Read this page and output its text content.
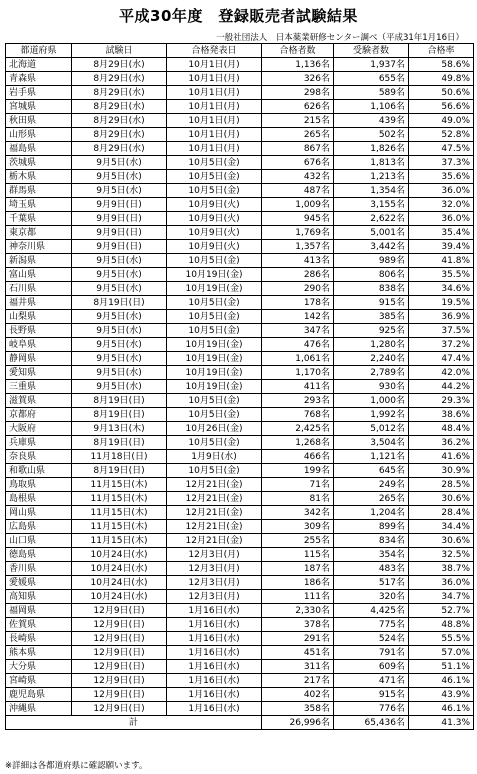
平成30年度　登録販売者試験結果
一般社団法人　日本薬業研修センター調べ（平成31年1月16日）
都道府県	試験日	合格発表日	合格者数	受験者数	合格率
北海道	8月29日(水)	10月1日(月)	1,136名	1,937名	58.6%
青森県	8月29日(水)	10月1日(月)	326名	655名	49.8%
岩手県	8月29日(水)	10月1日(月)	298名	589名	50.6%
宮城県	8月29日(水)	10月1日(月)	626名	1,106名	56.6%
秋田県	8月29日(水)	10月1日(月)	215名	439名	49.0%
山形県	8月29日(水)	10月1日(月)	265名	502名	52.8%
福島県	8月29日(水)	10月1日(月)	867名	1,826名	47.5%
茨城県	9月5日(水)	10月5日(金)	676名	1,813名	37.3%
栃木県	9月5日(水)	10月5日(金)	432名	1,213名	35.6%
群馬県	9月5日(水)	10月5日(金)	487名	1,354名	36.0%
埼玉県	9月9日(日)	10月9日(火)	1,009名	3,155名	32.0%
千葉県	9月9日(日)	10月9日(火)	945名	2,622名	36.0%
東京都	9月9日(日)	10月9日(火)	1,769名	5,001名	35.4%
神奈川県	9月9日(日)	10月9日(火)	1,357名	3,442名	39.4%
新潟県	9月5日(水)	10月5日(金)	413名	989名	41.8%
富山県	9月5日(水)	10月19日(金)	286名	806名	35.5%
石川県	9月5日(水)	10月19日(金)	290名	838名	34.6%
福井県	8月19日(日)	10月5日(金)	178名	915名	19.5%
山梨県	9月5日(水)	10月5日(金)	142名	385名	36.9%
長野県	9月5日(水)	10月5日(金)	347名	925名	37.5%
岐阜県	9月5日(水)	10月19日(金)	476名	1,280名	37.2%
静岡県	9月5日(水)	10月19日(金)	1,061名	2,240名	47.4%
愛知県	9月5日(水)	10月19日(金)	1,170名	2,789名	42.0%
三重県	9月5日(水)	10月19日(金)	411名	930名	44.2%
滋賀県	8月19日(日)	10月5日(金)	293名	1,000名	29.3%
京都府	8月19日(日)	10月5日(金)	768名	1,992名	38.6%
大阪府	9月13日(木)	10月26日(金)	2,425名	5,012名	48.4%
兵庫県	8月19日(日)	10月5日(金)	1,268名	3,504名	36.2%
奈良県	11月18日(日)	1月9日(水)	466名	1,121名	41.6%
和歌山県	8月19日(日)	10月5日(金)	199名	645名	30.9%
鳥取県	11月15日(木)	12月21日(金)	71名	249名	28.5%
島根県	11月15日(木)	12月21日(金)	81名	265名	30.6%
岡山県	11月15日(木)	12月21日(金)	342名	1,204名	28.4%
広島県	11月15日(木)	12月21日(金)	309名	899名	34.4%
山口県	11月15日(木)	12月21日(金)	255名	834名	30.6%
徳島県	10月24日(水)	12月3日(月)	115名	354名	32.5%
香川県	10月24日(水)	12月3日(月)	187名	483名	38.7%
愛媛県	10月24日(水)	12月3日(月)	186名	517名	36.0%
高知県	10月24日(水)	12月3日(月)	111名	320名	34.7%
福岡県	12月9日(日)	1月16日(水)	2,330名	4,425名	52.7%
佐賀県	12月9日(日)	1月16日(水)	378名	775名	48.8%
長崎県	12月9日(日)	1月16日(水)	291名	524名	55.5%
熊本県	12月9日(日)	1月16日(水)	451名	791名	57.0%
大分県	12月9日(日)	1月16日(水)	311名	609名	51.1%
宮崎県	12月9日(日)	1月16日(水)	217名	471名	46.1%
鹿児島県	12月9日(日)	1月16日(水)	402名	915名	43.9%
沖縄県	12月9日(日)	1月16日(水)	358名	776名	46.1%
計			26,996名	65,436名	41.3%
※詳細は各都道府県に確認願います。
